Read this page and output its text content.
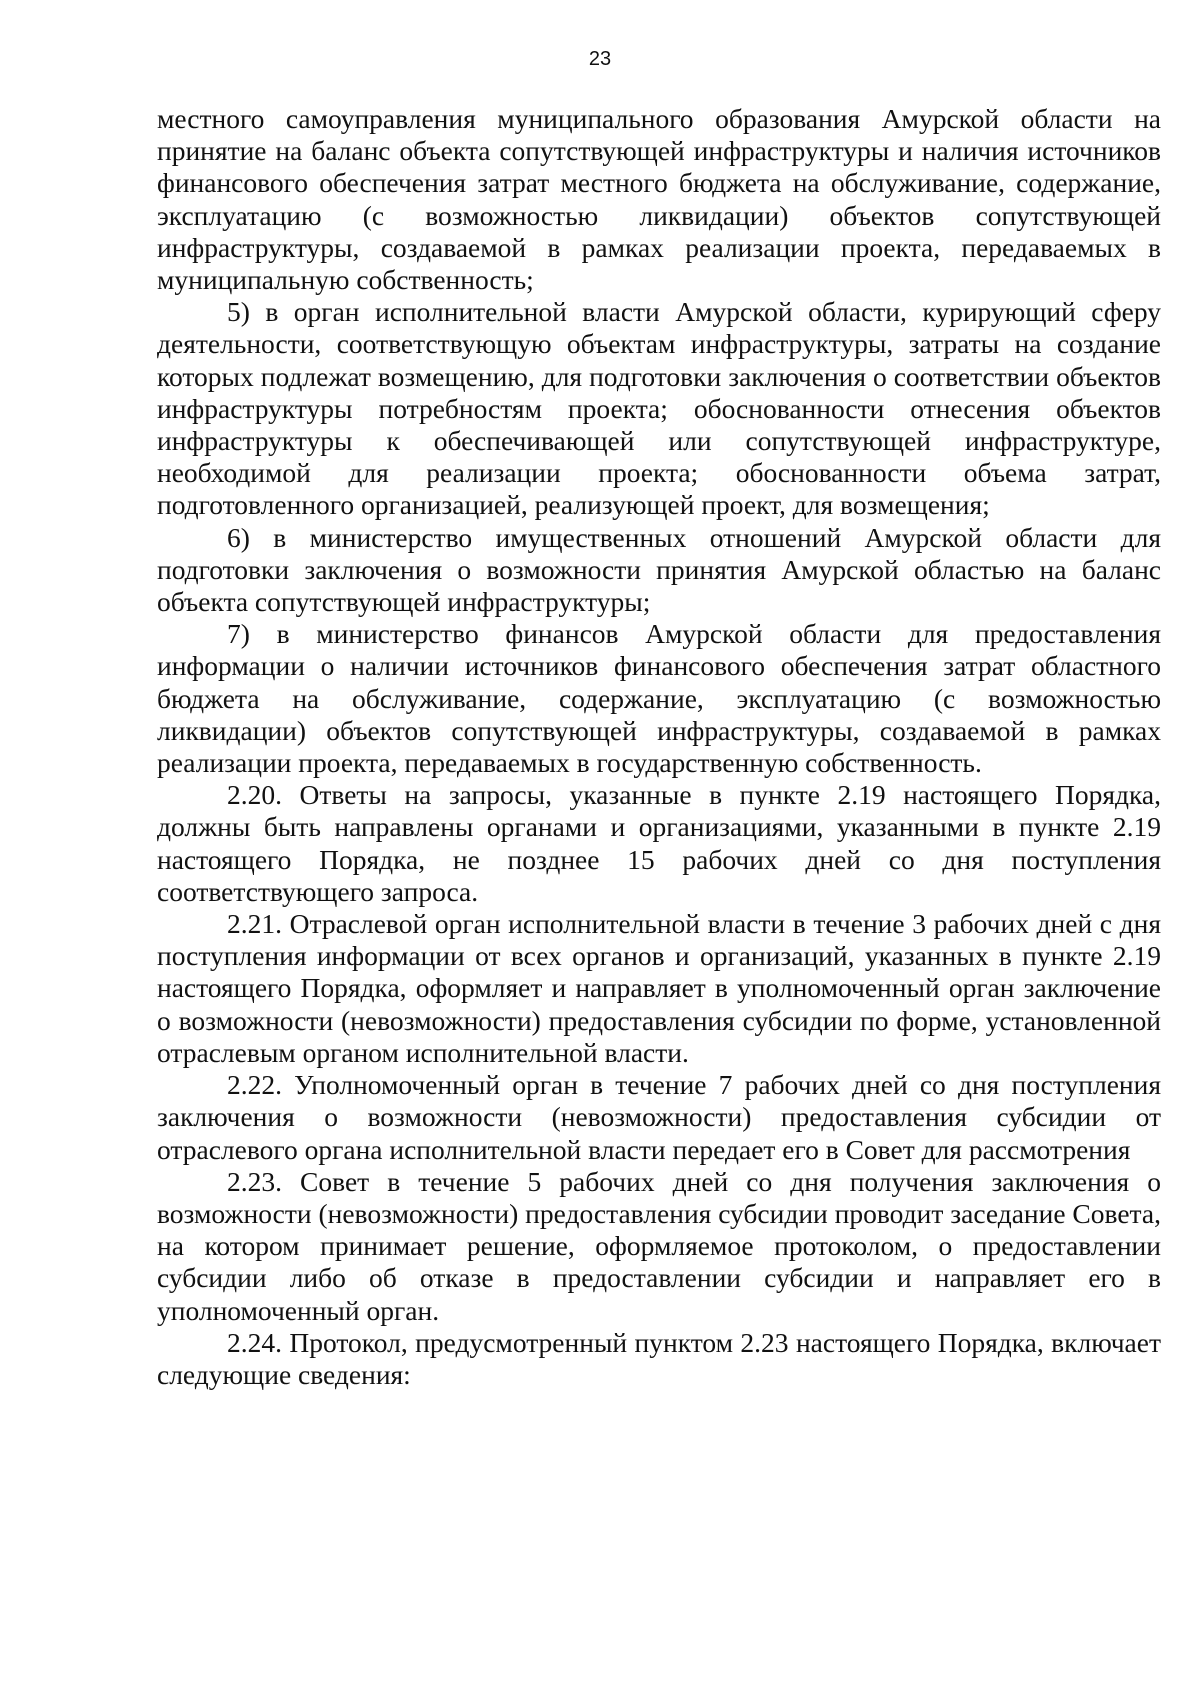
23

местного самоуправления муниципального образования Амурской области на принятие на баланс объекта сопутствующей инфраструктуры и наличия источников финансового обеспечения затрат местного бюджета на обслуживание, содержание, эксплуатацию (с возможностью ликвидации) объектов сопутствующей инфраструктуры, создаваемой в рамках реализации проекта, передаваемых в муниципальную собственность;

5) в орган исполнительной власти Амурской области, курирующий сферу деятельности, соответствующую объектам инфраструктуры, затраты на создание которых подлежат возмещению, для подготовки заключения о соответствии объектов инфраструктуры потребностям проекта; обоснованности отнесения объектов инфраструктуры к обеспечивающей или сопутствующей инфраструктуре, необходимой для реализации проекта; обоснованности объема затрат, подготовленного организацией, реализующей проект, для возмещения;

6) в министерство имущественных отношений Амурской области для подготовки заключения о возможности принятия Амурской областью на баланс объекта сопутствующей инфраструктуры;

7) в министерство финансов Амурской области для предоставления информации о наличии источников финансового обеспечения затрат областного бюджета на обслуживание, содержание, эксплуатацию (с возможностью ликвидации) объектов сопутствующей инфраструктуры, создаваемой в рамках реализации проекта, передаваемых в государственную собственность.

2.20. Ответы на запросы, указанные в пункте 2.19 настоящего Порядка, должны быть направлены органами и организациями, указанными в пункте 2.19 настоящего Порядка, не позднее 15 рабочих дней со дня поступления соответствующего запроса.

2.21. Отраслевой орган исполнительной власти в течение 3 рабочих дней с дня поступления информации от всех органов и организаций, указанных в пункте 2.19 настоящего Порядка, оформляет и направляет в уполномоченный орган заключение о возможности (невозможности) предоставления субсидии по форме, установленной отраслевым органом исполнительной власти.

2.22. Уполномоченный орган в течение 7 рабочих дней со дня поступления заключения о возможности (невозможности) предоставления субсидии от отраслевого органа исполнительной власти передает его в Совет для рассмотрения

2.23. Совет в течение 5 рабочих дней со дня получения заключения о возможности (невозможности) предоставления субсидии проводит заседание Совета, на котором принимает решение, оформляемое протоколом, о предоставлении субсидии либо об отказе в предоставлении субсидии и направляет его в уполномоченный орган.

2.24. Протокол, предусмотренный пунктом 2.23 настоящего Порядка, включает следующие сведения:
